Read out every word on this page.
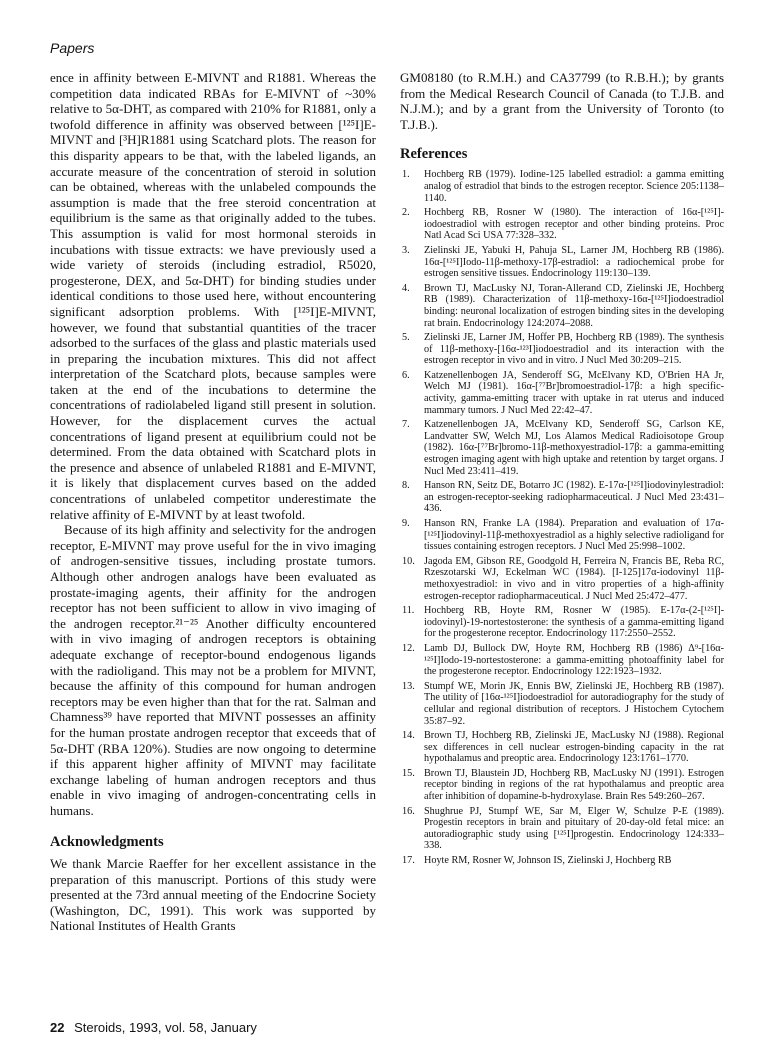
Papers

ence in affinity between E-MIVNT and R1881. Whereas the competition data indicated RBAs for E-MIVNT of ~30% relative to 5α-DHT, as compared with 210% for R1881, only a twofold difference in affinity was observed between [¹²⁵I]E-MIVNT and [³H]R1881 using Scatchard plots. The reason for this disparity appears to be that, with the labeled ligands, an accurate measure of the concentration of steroid in solution can be obtained, whereas with the unlabeled compounds the assumption is made that the free steroid concentration at equilibrium is the same as that originally added to the tubes. This assumption is valid for most hormonal steroids in incubations with tissue extracts: we have previously used a wide variety of steroids (including estradiol, R5020, progesterone, DEX, and 5α-DHT) for binding studies under identical conditions to those used here, without encountering significant adsorption problems. With [¹²⁵I]E-MIVNT, however, we found that substantial quantities of the tracer adsorbed to the surfaces of the glass and plastic materials used in preparing the incubation mixtures. This did not affect interpretation of the Scatchard plots, because samples were taken at the end of the incubations to determine the concentrations of radiolabeled ligand still present in solution. However, for the displacement curves the actual concentrations of ligand present at equilibrium could not be determined. From the data obtained with Scatchard plots in the presence and absence of unlabeled R1881 and E-MIVNT, it is likely that displacement curves based on the added concentrations of unlabeled competitor underestimate the relative affinity of E-MIVNT by at least twofold.

Because of its high affinity and selectivity for the androgen receptor, E-MIVNT may prove useful for the in vivo imaging of androgen-sensitive tissues, including prostate tumors. Although other androgen analogs have been evaluated as prostate-imaging agents, their affinity for the androgen receptor has not been sufficient to allow in vivo imaging of the androgen receptor.²¹⁻²⁵ Another difficulty encountered with in vivo imaging of androgen receptors is obtaining adequate exchange of receptor-bound endogenous ligands with the radioligand. This may not be a problem for MIVNT, because the affinity of this compound for human androgen receptors may be even higher than that for the rat. Salman and Chamness³⁹ have reported that MIVNT possesses an affinity for the human prostate androgen receptor that exceeds that of 5α-DHT (RBA 120%). Studies are now ongoing to determine if this apparent higher affinity of MIVNT may facilitate exchange labeling of human androgen receptors and thus enable in vivo imaging of androgen-concentrating cells in humans.

Acknowledgments

We thank Marcie Raeffer for her excellent assistance in the preparation of this manuscript. Portions of this study were presented at the 73rd annual meeting of the Endocrine Society (Washington, DC, 1991). This work was supported by National Institutes of Health Grants

GM08180 (to R.M.H.) and CA37799 (to R.B.H.); by grants from the Medical Research Council of Canada (to T.J.B. and N.J.M.); and by a grant from the University of Toronto (to T.J.B.).

References
1.	Hochberg RB (1979). Iodine-125 labelled estradiol: a gamma emitting analog of estradiol that binds to the estrogen receptor. Science 205:1138–1140.
2.	Hochberg RB, Rosner W (1980). The interaction of 16α-[¹²⁵I]-iodoestradiol with estrogen receptor and other binding proteins. Proc Natl Acad Sci USA 77:328–332.
3.	Zielinski JE, Yabuki H, Pahuja SL, Larner JM, Hochberg RB (1986). 16α-[¹²⁵I]Iodo-11β-methoxy-17β-estradiol: a radiochemical probe for estrogen sensitive tissues. Endocrinology 119:130–139.
4.	Brown TJ, MacLusky NJ, Toran-Allerand CD, Zielinski JE, Hochberg RB (1989). Characterization of 11β-methoxy-16α-[¹²⁵I]iodoestradiol binding: neuronal localization of estrogen binding sites in the developing rat brain. Endocrinology 124:2074–2088.
5.	Zielinski JE, Larner JM, Hoffer PB, Hochberg RB (1989). The synthesis of 11β-methoxy-[16α-¹²³I]iodoestradiol and its interaction with the estrogen receptor in vivo and in vitro. J Nucl Med 30:209–215.
6.	Katzenellenbogen JA, Senderoff SG, McElvany KD, O'Brien HA Jr, Welch MJ (1981). 16α-[⁷⁷Br]bromoestradiol-17β: a high specific-activity, gamma-emitting tracer with uptake in rat uterus and induced mammary tumors. J Nucl Med 22:42–47.
7.	Katzenellenbogen JA, McElvany KD, Senderoff SG, Carlson KE, Landvatter SW, Welch MJ, Los Alamos Medical Radioisotope Group (1982). 16α-[⁷⁷Br]bromo-11β-methoxyestradiol-17β: a gamma-emitting estrogen imaging agent with high uptake and retention by target organs. J Nucl Med 23:411–419.
8.	Hanson RN, Seitz DE, Botarro JC (1982). E-17α-[¹²⁵I]iodovinylestradiol: an estrogen-receptor-seeking radiopharmaceutical. J Nucl Med 23:431–436.
9.	Hanson RN, Franke LA (1984). Preparation and evaluation of 17α-[¹²⁵I]iodovinyl-11β-methoxyestradiol as a highly selective radioligand for tissues containing estrogen receptors. J Nucl Med 25:998–1002.
10. Jagoda EM, Gibson RE, Goodgold H, Ferreira N, Francis BE, Reba RC, Rzeszotarski WJ, Eckelman WC (1984). [I-125]17α-iodovinyl 11β-methoxyestradiol: in vivo and in vitro properties of a high-affinity estrogen-receptor radiopharmaceutical. J Nucl Med 25:472–477.
11. Hochberg RB, Hoyte RM, Rosner W (1985). E-17α-(2-[¹²⁵I]-iodovinyl)-19-nortestosterone: the synthesis of a gamma-emitting ligand for the progesterone receptor. Endocrinology 117:2550–2552.
12. Lamb DJ, Bullock DW, Hoyte RM, Hochberg RB (1986) Δ⁹-[16α-¹²⁵I]Iodo-19-nortestosterone: a gamma-emitting photoaffinity label for the progesterone receptor. Endocrinology 122:1923–1932.
13. Stumpf WE, Morin JK, Ennis BW, Zielinski JE, Hochberg RB (1987). The utility of [16α-¹²⁵I]iodoestradiol for autoradiography for the study of cellular and regional distribution of receptors. J Histochem Cytochem 35:87–92.
14. Brown TJ, Hochberg RB, Zielinski JE, MacLusky NJ (1988). Regional sex differences in cell nuclear estrogen-binding capacity in the rat hypothalamus and preoptic area. Endocrinology 123:1761–1770.
15. Brown TJ, Blaustein JD, Hochberg RB, MacLusky NJ (1991). Estrogen receptor binding in regions of the rat hypothalamus and preoptic area after inhibition of dopamine-b-hydroxylase. Brain Res 549:260–267.
16. Shughrue PJ, Stumpf WE, Sar M, Elger W, Schulze P-E (1989). Progestin receptors in brain and pituitary of 20-day-old fetal mice: an autoradiographic study using [¹²⁵I]progestin. Endocrinology 124:333–338.
17. Hoyte RM, Rosner W, Johnson IS, Zielinski J, Hochberg RB
22 Steroids, 1993, vol. 58, January
